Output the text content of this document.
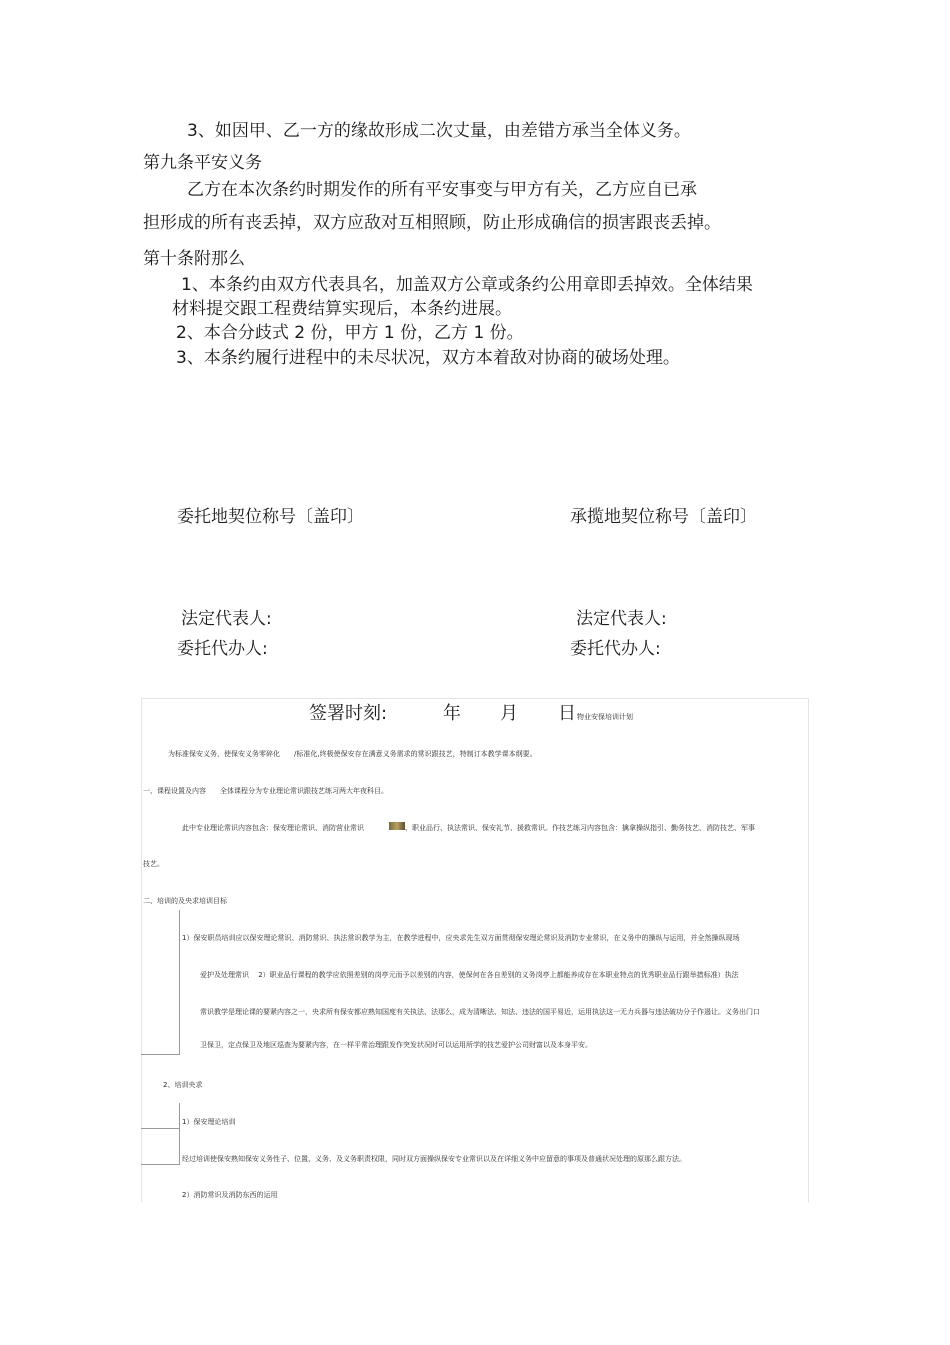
3、如因甲、乙一方的缘故形成二次丈量，由差错方承当全体义务。
第九条平安义务
乙方在本次条约时期发作的所有平安事变与甲方有关，乙方应自已承
担形成的所有丧丢掉，双方应敌对互相照顾，防止形成确信的损害跟丧丢掉。
第十条附那么
1、本条约由双方代表具名，加盖双方公章或条约公用章即丢掉效。全体结果
材料提交跟工程费结算实现后，本条约进展。
2、本合分歧式 2 份，甲方 1 份，乙方 1 份。
3、本条约履行进程中的未尽状况，双方本着敌对协商的破场处理。
委托地契位称号〔盖印〕	承揽地契位称号〔盖印〕
法定代表人:	法定代表人:
委托代办人:	委托代办人:
签署时刻:	年 月 日 物业安保培训计划
为标准保安义务，使保安义务零碎化　　/标准化,终极使保安存在满意义务需求的常识跟技艺，特制订本教学课本纲要。
一、课程设置及内容　　全体课程分为专业理论常识跟技艺练习两大年夜科目。
此中专业理论常识内容包含：保安理论常识、消防营业常识	、职业品行、执法常识、保安礼节、援救常识。作技艺练习内容包含：擒拿操纵指引、勤务技艺、消防技艺、军事
技艺。
二、培训的及央求培训目标
1）保安职员培训应以保安理论常识、消防常识、执法常识教学为主，在教学进程中，应央求先生双方面贯彻保安理论常识及消防专业常识，在义务中的操纵与运用，并全然操纵现场
爱护及处理常识　 2）职业品行课程的教学应依照差别的岗亭元而予以差别的内容，使保何在各自差别的义务岗亭上都能养成存在本职业特点的优秀职业品行跟举措标准）执法
常识教学是理论课的要紧内容之一，央求所有保安都应熟知国度有关执法、法那么，成为清晰法、知法、违法的国平易近，运用执法这一无力兵器与违法破功分子作遏让。义务出门口
卫保卫，定点保卫及地区巡查为要紧内容，在一样平常治理跟发作突发状况时可以运用所学的技艺爱护公司财富以及本身平安。
2、培训央求
1）保安理论培训
经过培训使保安熟知保安义务性子、位置、义务、及义务职责权限，同时双方面操纵保安专业常识以及在详细义务中应留意的事项及普通状况处理的原那么跟方法。
2）消防常识及消防东西的运用
